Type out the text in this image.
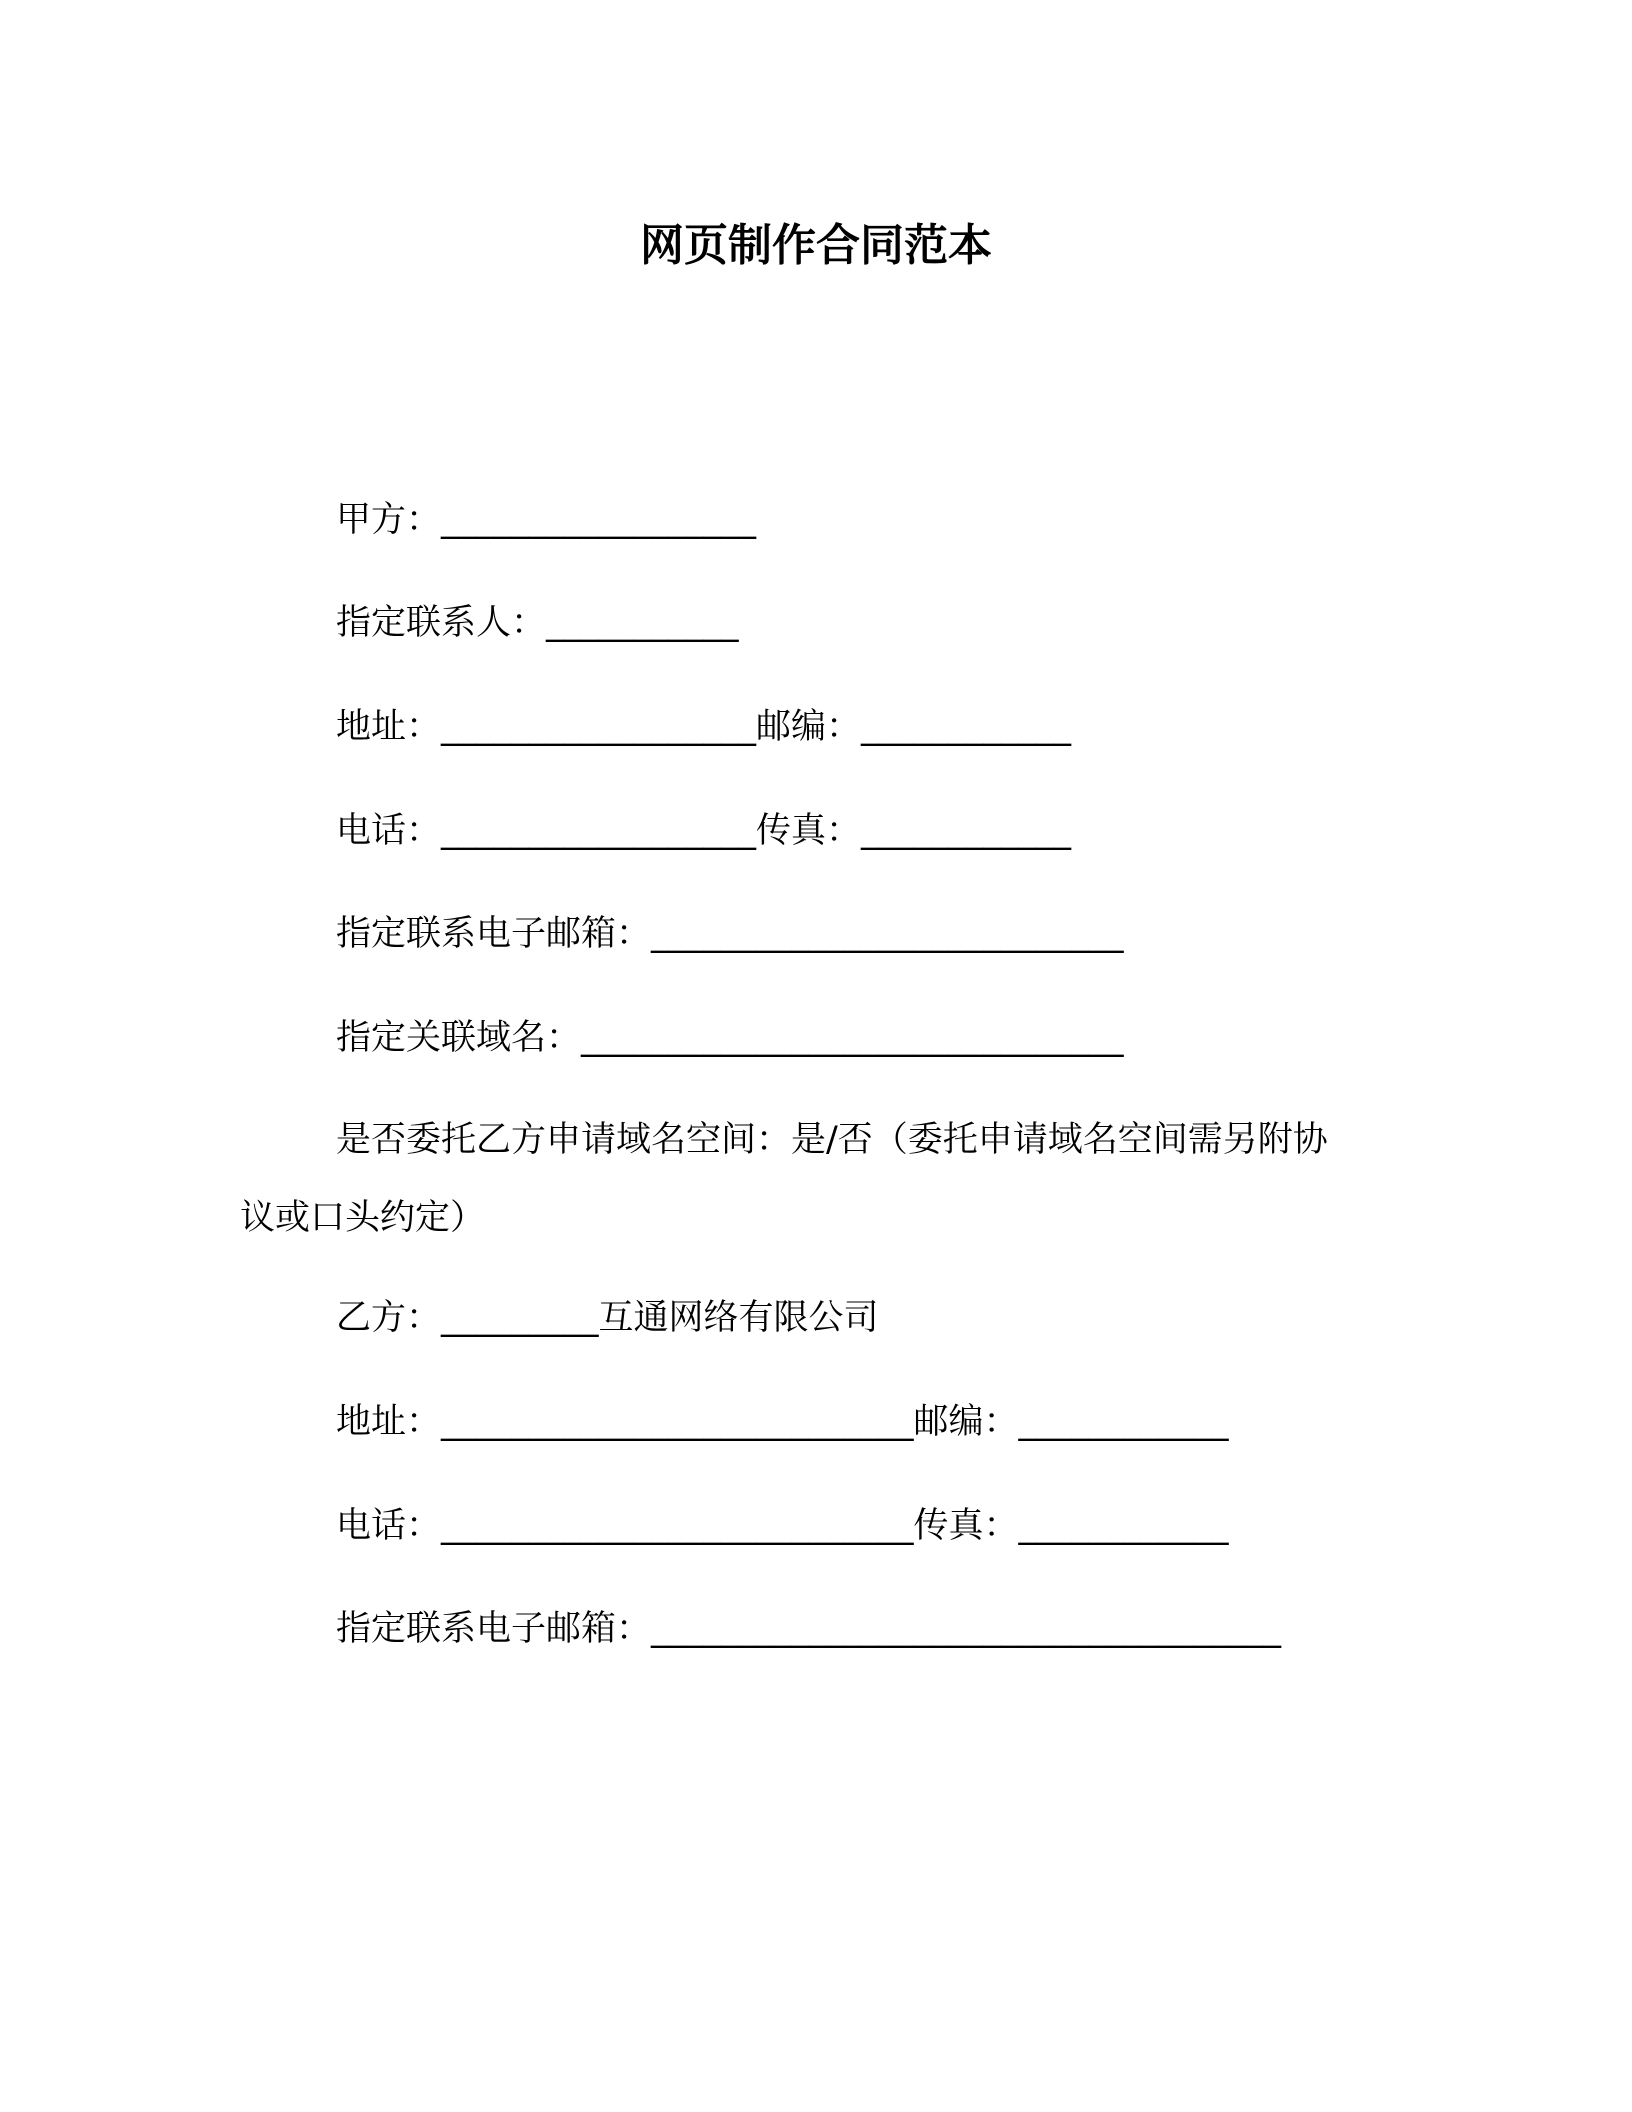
网页制作合同范本

甲方：__________________

指定联系人：___________

地址：__________________邮编：____________

电话：__________________传真：____________

指定联系电子邮箱：___________________________

指定关联域名：_______________________________

是否委托乙方申请域名空间：是/否（委托申请域名空间需另附协议或口头约定）

乙方：_________互通网络有限公司

地址：___________________________邮编：____________

电话：___________________________传真：____________

指定联系电子邮箱：____________________________________
